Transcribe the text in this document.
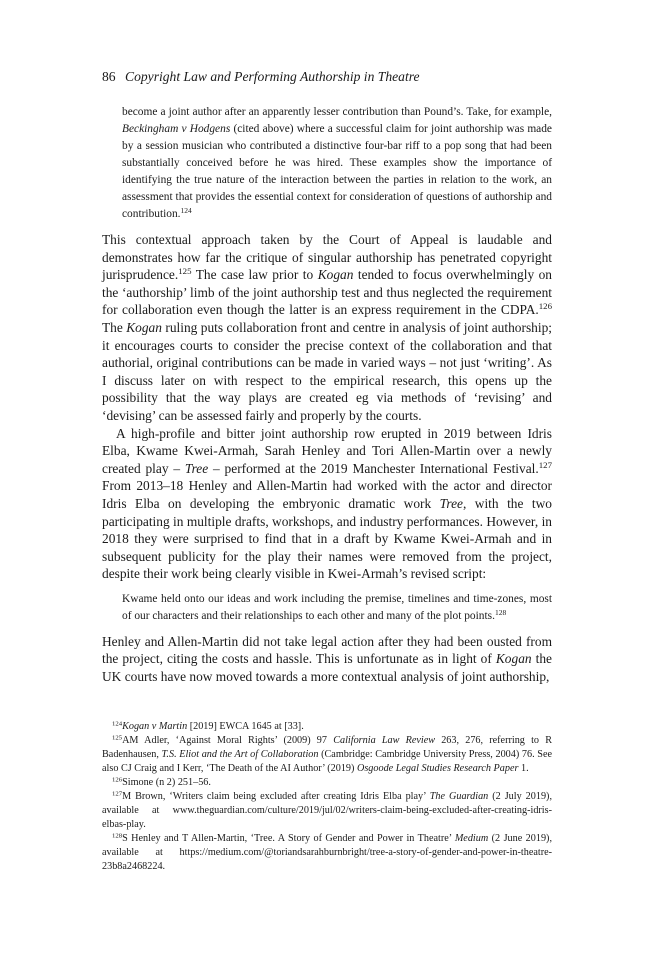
86 Copyright Law and Performing Authorship in Theatre
become a joint author after an apparently lesser contribution than Pound’s. Take, for example, Beckingham v Hodgens (cited above) where a successful claim for joint authorship was made by a session musician who contributed a distinctive four-bar riff to a pop song that had been substantially conceived before he was hired. These examples show the importance of identifying the true nature of the interaction between the parties in relation to the work, an assessment that provides the essential context for consideration of questions of authorship and contribution.$^{124}$

This contextual approach taken by the Court of Appeal is laudable and demonstrates how far the critique of singular authorship has penetrated copyright jurisprudence.$^{125}$ The case law prior to Kogan tended to focus overwhelmingly on the ‘authorship’ limb of the joint authorship test and thus neglected the requirement for collaboration even though the latter is an express requirement in the CDPA.$^{126}$ The Kogan ruling puts collaboration front and centre in analysis of joint authorship; it encourages courts to consider the precise context of the collaboration and that authorial, original contributions can be made in varied ways – not just ‘writing’. As I discuss later on with respect to the empirical research, this opens up the possibility that the way plays are created eg via methods of ‘revising’ and ‘devising’ can be assessed fairly and properly by the courts.

A high-profile and bitter joint authorship row erupted in 2019 between Idris Elba, Kwame Kwei-Armah, Sarah Henley and Tori Allen-Martin over a newly created play – Tree – performed at the 2019 Manchester International Festival.$^{127}$ From 2013–18 Henley and Allen-Martin had worked with the actor and director Idris Elba on developing the embryonic dramatic work Tree, with the two participating in multiple drafts, workshops, and industry performances. However, in 2018 they were surprised to find that in a draft by Kwame Kwei-Armah and in subsequent publicity for the play their names were removed from the project, despite their work being clearly visible in Kwei-Armah’s revised script:

Kwame held onto our ideas and work including the premise, timelines and time-zones, most of our characters and their relationships to each other and many of the plot points.$^{128}$

Henley and Allen-Martin did not take legal action after they had been ousted from the project, citing the costs and hassle. This is unfortunate as in light of Kogan the UK courts have now moved towards a more contextual analysis of joint authorship,

$^{124}$Kogan v Martin [2019] EWCA 1645 at [33].

$^{125}$AM Adler, ‘Against Moral Rights’ (2009) 97 California Law Review 263, 276, referring to R Badenhausen, T.S. Eliot and the Art of Collaboration (Cambridge: Cambridge University Press, 2004) 76. See also CJ Craig and I Kerr, ‘The Death of the AI Author’ (2019) Osgoode Legal Studies Research Paper 1.

$^{126}$Simone (n 2) 251–56.

$^{127}$M Brown, ‘Writers claim being excluded after creating Idris Elba play’ The Guardian (2 July 2019), available at www.theguardian.com/culture/2019/jul/02/writers-claim-being-excluded-after-creating-idris-elbas-play.

$^{128}$S Henley and T Allen-Martin, ‘Tree. A Story of Gender and Power in Theatre’ Medium (2 June 2019), available at https://medium.com/@toriandsarahburnbright/tree-a-story-of-gender-and-power-in-theatre-23b8a2468224.
